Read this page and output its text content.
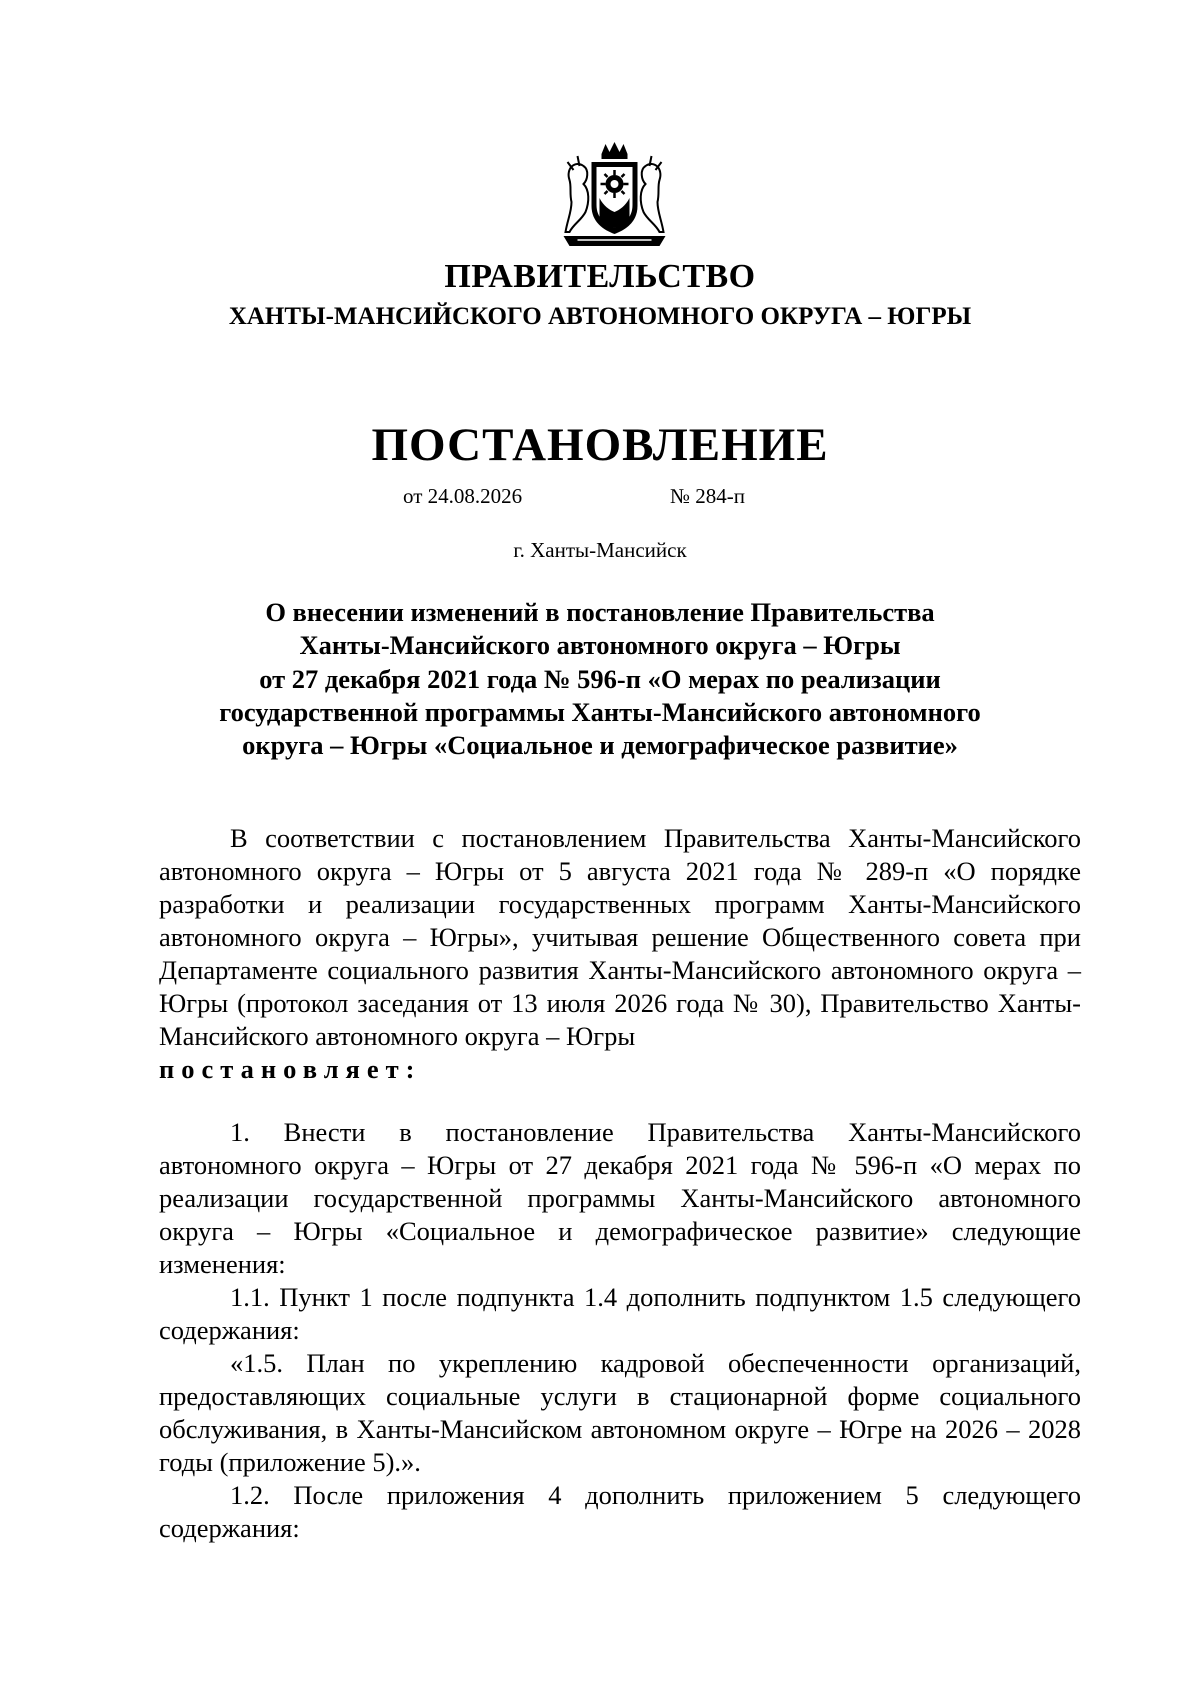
ПРАВИТЕЛЬСТВО
ХАНТЫ-МАНСИЙСКОГО АВТОНОМНОГО ОКРУГА – ЮГРЫ
ПОСТАНОВЛЕНИЕ
от 24.08.2026	№ 284-п
г. Ханты-Мансийск
О внесении изменений в постановление Правительства
Ханты-Мансийского автономного округа – Югры
от 27 декабря 2021 года № 596-п «О мерах по реализации
государственной программы Ханты-Мансийского автономного
округа – Югры «Социальное и демографическое развитие»

В соответствии с постановлением Правительства Ханты-Мансийского автономного округа – Югры от 5 августа 2021 года № 289-п «О порядке разработки и реализации государственных программ Ханты-Мансийского автономного округа – Югры», учитывая решение Общественного совета при Департаменте социального развития Ханты-Мансийского автономного округа – Югры (протокол заседания от 13 июля 2026 года № 30), Правительство Ханты-Мансийского автономного округа – Югры

постановляет:

1. Внести в постановление Правительства Ханты-Мансийского автономного округа – Югры от 27 декабря 2021 года № 596-п «О мерах по реализации государственной программы Ханты-Мансийского автономного округа – Югры «Социальное и демографическое развитие» следующие изменения:

1.1. Пункт 1 после подпункта 1.4 дополнить подпунктом 1.5 следующего содержания:

«1.5. План по укреплению кадровой обеспеченности организаций, предоставляющих социальные услуги в стационарной форме социального обслуживания, в Ханты-Мансийском автономном округе – Югре на 2026 – 2028 годы (приложение 5).».

1.2. После приложения 4 дополнить приложением 5 следующего содержания:
